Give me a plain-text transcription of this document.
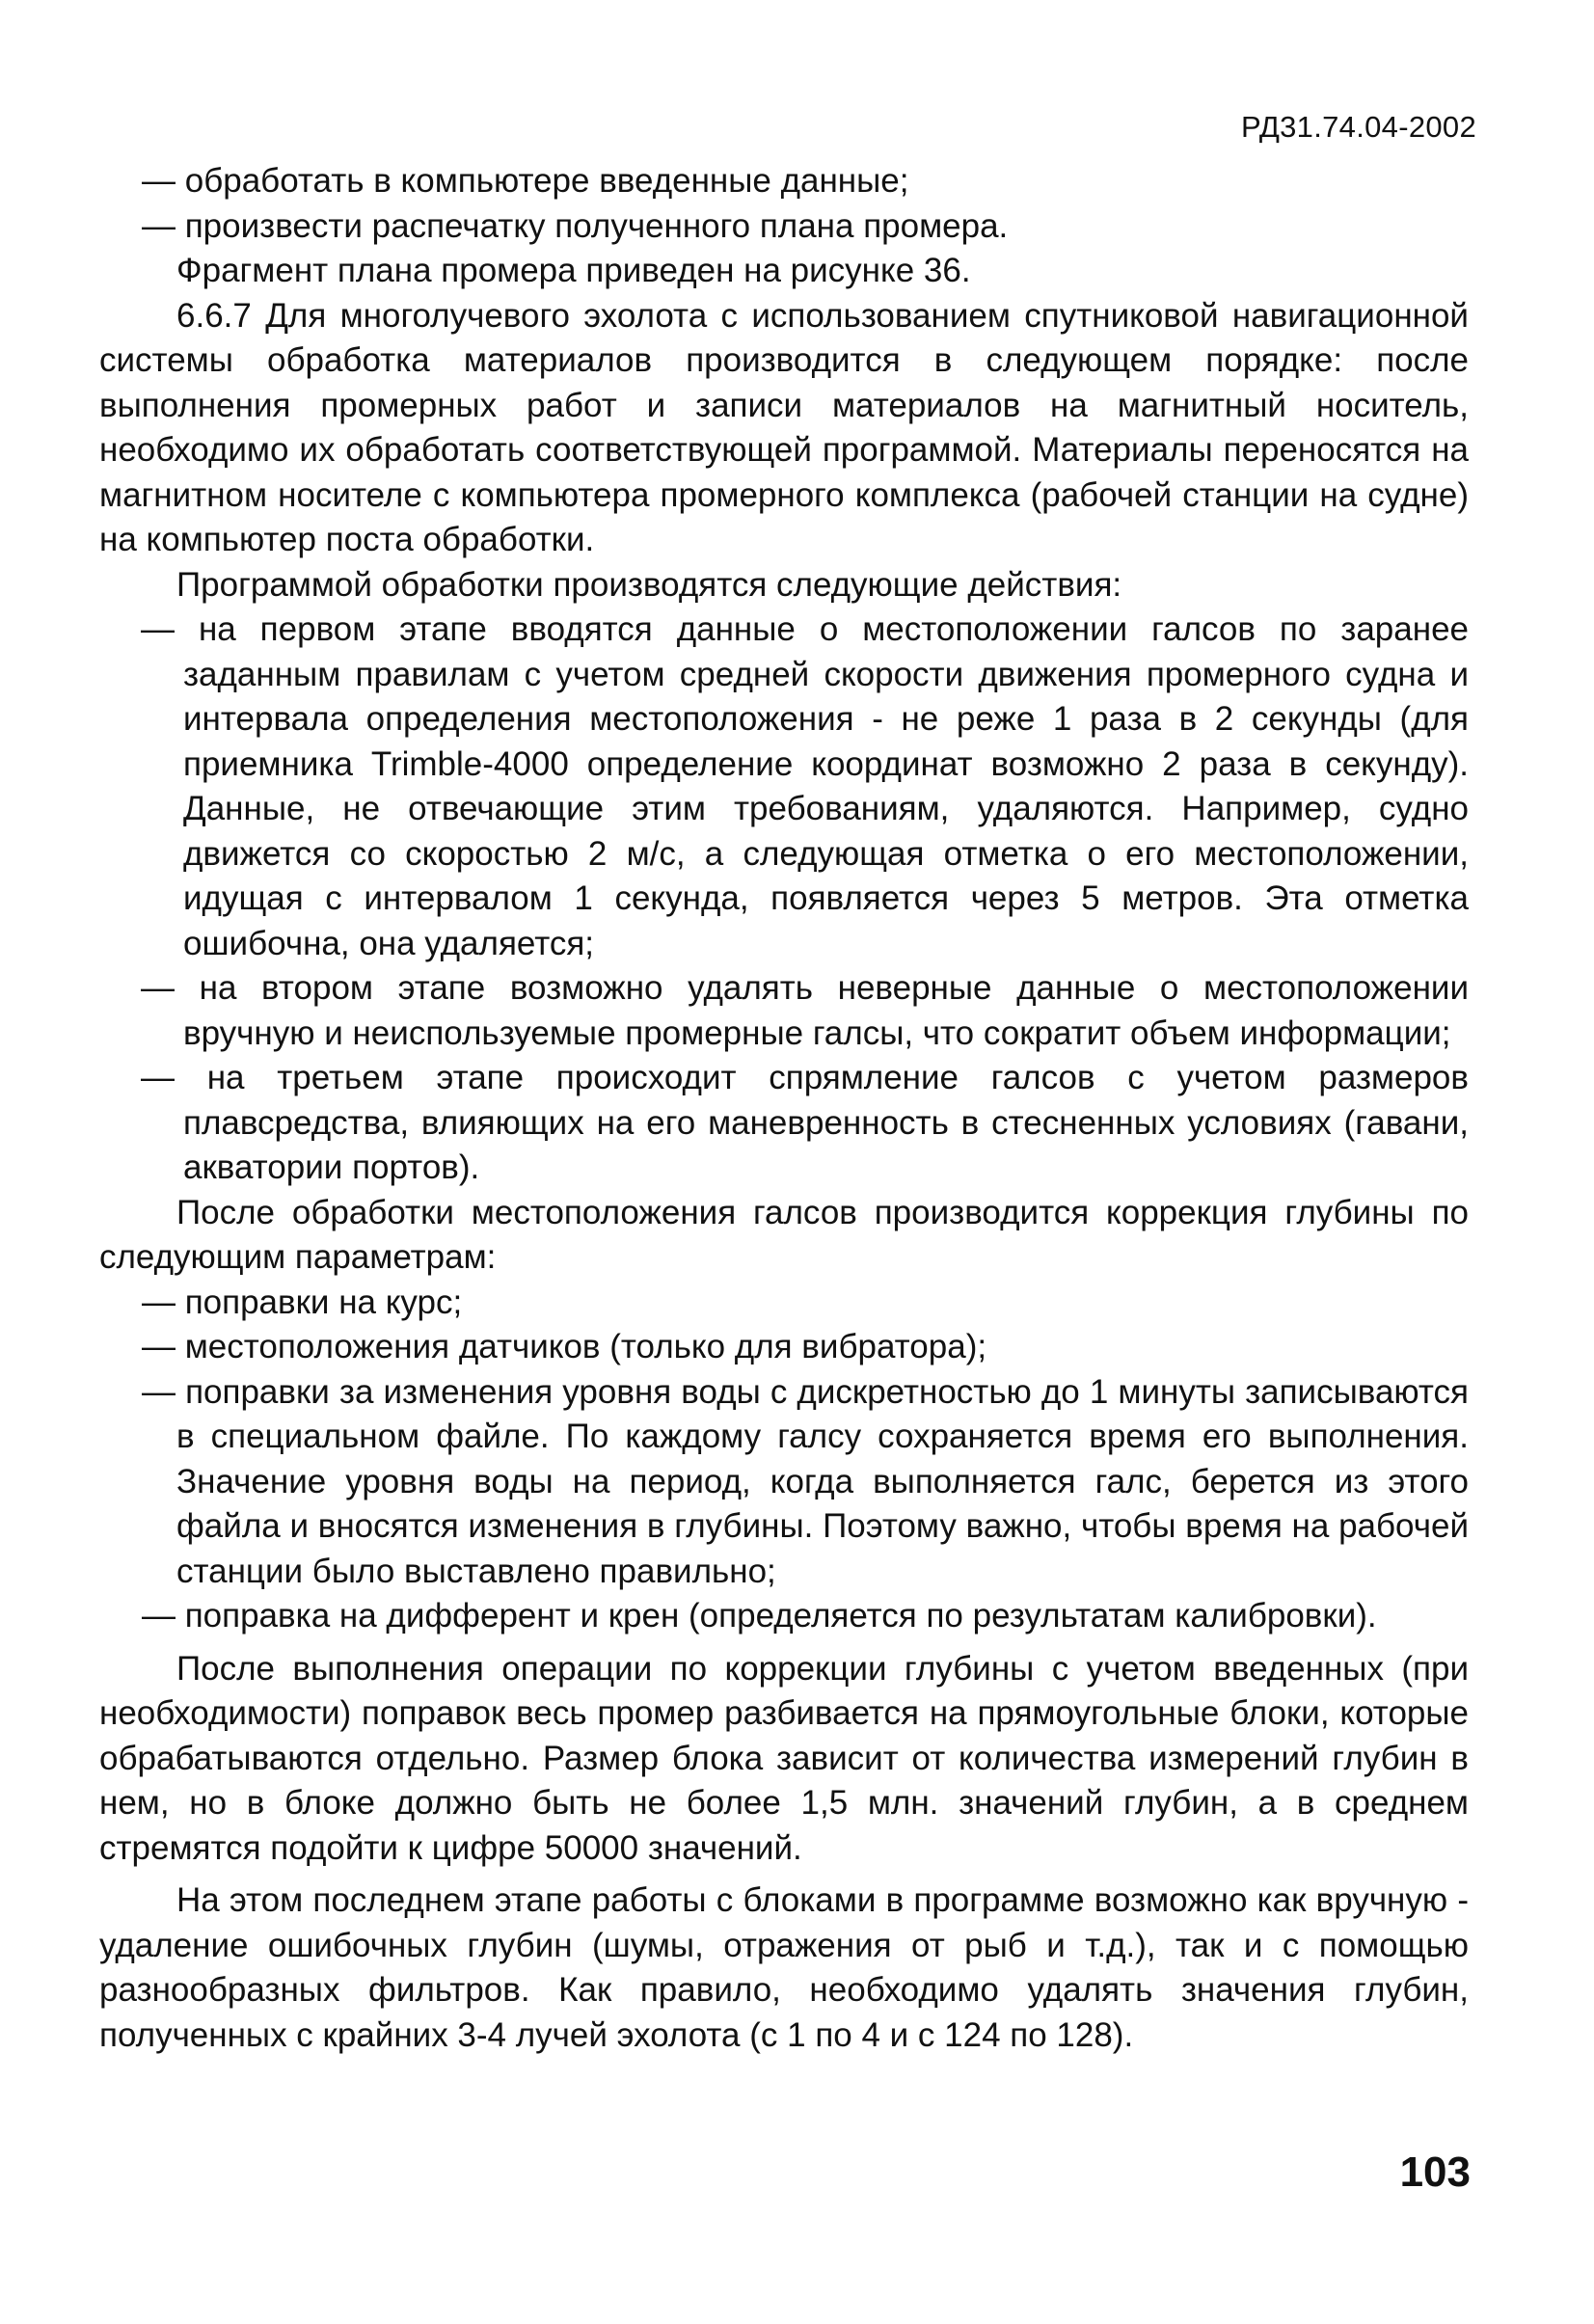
РД31.74.04-2002

— обработать в компьютере введенные данные;

— произвести распечатку полученного плана промера.

Фрагмент плана промера приведен на рисунке 36.

6.6.7 Для многолучевого эхолота с использованием спутниковой навигационной системы обработка материалов производится в следующем порядке: после выполнения промерных работ и записи материалов на магнитный носитель, необходимо их обработать соответствующей программой. Материалы переносятся на магнитном носителе с компьютера промерного комплекса (рабочей станции на судне) на компьютер поста обработки.

Программой обработки производятся следующие действия:

— на первом этапе вводятся данные о местоположении галсов по заранее заданным правилам с учетом средней скорости движения промерного судна и интервала определения местоположения - не реже 1 раза в 2 секунды (для приемника Trimble-4000 определение координат возможно 2 раза в секунду). Данные, не отвечающие этим требованиям, удаляются. Например, судно движется со скоростью 2 м/с, а следующая отметка о его местоположении, идущая с интервалом 1 секунда, появляется через 5 метров. Эта отметка ошибочна, она удаляется;

— на втором этапе возможно удалять неверные данные о местоположении вручную и неиспользуемые промерные галсы, что сократит объем информации;

— на третьем этапе происходит спрямление галсов с учетом размеров плавсредства, влияющих на его маневренность в стесненных условиях (гавани, акватории портов).

После обработки местоположения галсов производится коррекция глубины по следующим параметрам:

— поправки на курс;

— местоположения датчиков (только для вибратора);

— поправки за изменения уровня воды с дискретностью до 1 минуты записываются в специальном файле. По каждому галсу сохраняется время его выполнения. Значение уровня воды на период, когда выполняется галс, берется из этого файла и вносятся изменения в глубины. Поэтому важно, чтобы время на рабочей станции было выставлено правильно;

— поправка на дифферент и крен (определяется по результатам калибровки).

После выполнения операции по коррекции глубины с учетом введенных (при необходимости) поправок весь промер разбивается на прямоугольные блоки, которые обрабатываются отдельно. Размер блока зависит от количества измерений глубин в нем, но в блоке должно быть не более 1,5 млн. значений глубин, а в среднем стремятся подойти к цифре 50000 значений.

На этом последнем этапе работы с блоками в программе возможно как вручную - удаление ошибочных глубин (шумы, отражения от рыб и т.д.), так и с помощью разнообразных фильтров. Как правило, необходимо удалять значения глубин, полученных с крайних 3-4 лучей эхолота (с 1 по 4 и с 124 по 128).

103
